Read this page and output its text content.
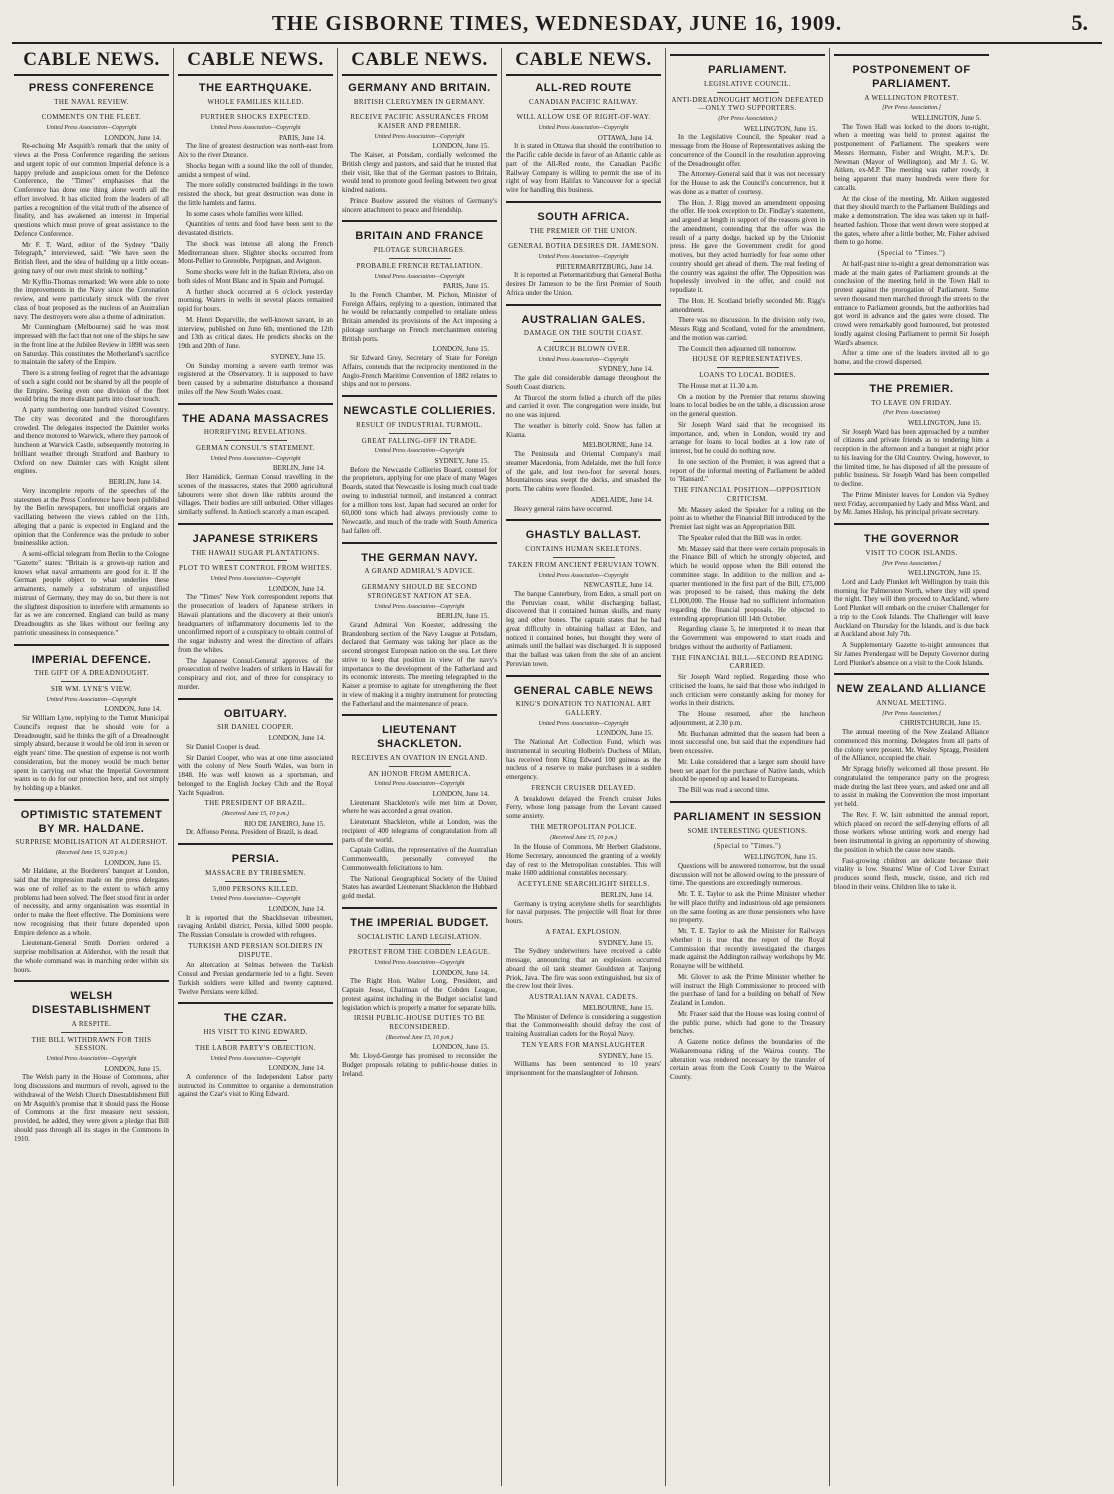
THE GISBORNE TIMES, WEDNESDAY, JUNE 16, 1909.	5.
CABLE NEWS.
PRESS CONFERENCE
THE NAVAL REVIEW.
COMMENTS ON THE FLEET.
United Press Association—Copyright
LONDON, June 14.

Re-echoing Mr Asquith's remark that the unity of views at the Press Conference regarding the serious and urgent topic of our common Imperial defence is a happy prelude and auspicious omen for the Defence Conference, the "Times" emphasises that the Conference has done one thing alone worth all the effort involved. It has elicited from the leaders of all parties a recognition of the vital truth of the absence of finality, and has awakened an interest in Imperial questions which must prove of great assistance to the Defence Conference.

Mr F. T. Ward, editor of the Sydney "Daily Telegraph," interviewed, said: "We have seen the British fleet, and the idea of building up a little ocean-going navy of our own must shrink to nothing."

Mr Kyffin-Thomas remarked: We were able to note the improvements in the Navy since the Coronation review, and were particularly struck with the river class of boat proposed as the nucleus of an Australian navy. The destroyers were also a theme of admiration.

Mr Cunningham (Melbourne) said he was most impressed with the fact that not one of the ships he saw in the front line at the Jubilee Review in 1898 was seen on Saturday. This constitutes the Motherland's sacrifice to maintain the safety of the Empire.

There is a strong feeling of regret that the advantage of such a sight could not be shared by all the people of the Empire. Seeing even one division of the fleet would bring the more distant parts into closer touch.

A party numbering one hundred visited Coventry. The city was decorated and the thoroughfares crowded. The delegates inspected the Daimler works and thence motored to Warwick, where they partook of luncheon at Warwick Castle, subsequently motoring in brilliant weather through Stratford and Banbury to Oxford on new Daimler cars with Knight silent engines.

BERLIN, June 14.

Very incomplete reports of the speeches of the statesmen at the Press Conference have been published by the Berlin newspapers, but unofficial organs are vacillating between the views cabled on the 11th, alleging that a panic is expected in England and the opinion that the Conference was the prelude to sober businesslike action.

A semi-official telegram from Berlin to the Cologne "Gazette" states: "Britain is a grown-up nation and knows what naval armaments are good for it. If the German people object to what underlies these armaments, namely a substratum of unjustified mistrust of Germany, they may do so, but there is not the slightest disposition to interfere with armaments so far as we are concerned. England can build as many Dreadnoughts as she likes without our feeling any patriotic uneasiness in consequence."

IMPERIAL DEFENCE.
THE GIFT OF A DREADNOUGHT.
SIR WM. LYNE'S VIEW.
United Press Association—Copyright
LONDON, June 14.

Sir William Lyne, replying to the Tumut Municipal Council's request that he should vote for a Dreadnought, said he thinks the gift of a Dreadnought simply absurd, because it would be old iron in seven or eight years' time. The question of expense is not worth consideration, but the money would be much better spent in carrying out what the Imperial Government wants us to do for our protection here, and not simply by holding up a blanket.

OPTIMISTIC STATEMENT BY MR. HALDANE.
SURPRISE MOBILISATION AT ALDERSHOT.
(Received June 15, 9.20 p.m.)
LONDON, June 15.

Mr Haldane, at the Borderers' banquet at London, said that the impression made on the press delegates was one of relief as to the extent to which army problems had been solved. The fleet stood first in order of necessity, and army organisation was essential in order to make the fleet effective. The Dominions were now recognising that their future depended upon Empire defence as a whole.

Lieutenant-General Smith Dorrien ordered a surprise mobilisation at Aldershot, with the result that the whole command was in marching order within six hours.

WELSH DISESTABLISHMENT
A RESPITE.
THE BILL WITHDRAWN FOR THIS SESSION.
United Press Association—Copyright
LONDON, June 15.

The Welsh party in the House of Commons, after long discussions and murmurs of revolt, agreed to the withdrawal of the Welsh Church Disestablishment Bill on Mr Asquith's promise that it should pass the House of Commons at the first measure next session, provided, he added, they were given a pledge that Bill should pass through all its stages in the Commons in 1910.

CABLE NEWS.
THE EARTHQUAKE.
WHOLE FAMILIES KILLED.
FURTHER SHOCKS EXPECTED.
United Press Association—Copyright
PARIS, June 14.

The line of greatest destruction was north-east from Aix to the river Durance.

Shocks began with a sound like the roll of thunder, amidst a tempest of wind.

The more solidly constructed buildings in the town resisted the shock, but great destruction was done in the little hamlets and farms.

In some cases whole families were killed.

Quantities of tents and food have been sent to the devastated districts.

The shock was intense all along the French Mediterranean shore. Slighter shocks occurred from Mont-Pellier to Grenoble, Perpignan, and Avignon.

Some shocks were felt in the Italian Riviera, also on both sides of Mont Blanc and in Spain and Portugal.

A further shock occurred at 6 o'clock yesterday morning. Waters in wells in several places remained tepid for hours.

M. Henri Deparville, the well-known savant, in an interview, published on June 6th, mentioned the 12th and 13th as critical dates. He predicts shocks on the 19th and 20th of June.

SYDNEY, June 15.

On Sunday morning a severe earth tremor was registered at the Observatory. It is supposed to have been caused by a submarine disturbance a thousand miles off the New South Wales coast.

THE ADANA MASSACRES
HORRIFYING REVELATIONS.
GERMAN CONSUL'S STATEMENT.
United Press Association—Copyright
BERLIN, June 14.

Herr Hamidick, German Consul travelling in the scenes of the massacres, states that 2000 agricultural labourers were shot down like rabbits around the villages. Their bodies are still unburied. Other villages similarly suffered. In Antioch scarcely a man escaped.

JAPANESE STRIKERS
THE HAWAII SUGAR PLANTATIONS.
PLOT TO WREST CONTROL FROM WHITES.
United Press Association—Copyright
LONDON, June 14.

The "Times" New York correspondent reports that the prosecution of leaders of Japanese strikers in Hawaii plantations and the discovery at their union's headquarters of inflammatory documents led to the unconfirmed report of a conspiracy to obtain control of the sugar industry and wrest the direction of affairs from the whites.

The Japanese Consul-General approves of the prosecution of twelve leaders of strikers in Hawaii for conspiracy and riot, and of three for conspiracy to murder.

OBITUARY.
SIR DANIEL COOPER.
LONDON, June 14.

Sir Daniel Cooper is dead.

Sir Daniel Cooper, who was at one time associated with the colony of New South Wales, was born in 1848. He was well known as a sportsman, and belonged to the English Jockey Club and the Royal Yacht Squadron.

THE PRESIDENT OF BRAZIL.
(Received June 15, 10 p.m.)
RIO DE JANEIRO, June 15.

Dr. Affonso Penna, President of Brazil, is dead.

PERSIA.
MASSACRE BY TRIBESMEN.
5,000 PERSONS KILLED.
United Press Association—Copyright
LONDON, June 14.

It is reported that the Shackhsevan tribesmen, ravaging Ardabil district, Persia, killed 5000 people. The Russian Consulate is crowded with refugees.

TURKISH AND PERSIAN SOLDIERS IN DISPUTE.

An altercation at Selmas between the Turkish Consul and Persian gendarmerie led to a fight. Seven Turkish soldiers were killed and twenty captured. Twelve Persians were killed.

THE CZAR.
HIS VISIT TO KING EDWARD.
THE LABOR PARTY'S OBJECTION.
United Press Association—Copyright
LONDON, June 14.

A conference of the Independent Labor party instructed its Committee to organise a demonstration against the Czar's visit to King Edward.

CABLE NEWS.
GERMANY AND BRITAIN.
BRITISH CLERGYMEN IN GERMANY.
RECEIVE PACIFIC ASSURANCES FROM KAISER AND PREMIER.
United Press Association—Copyright
LONDON, June 15.

The Kaiser, at Potsdam, cordially welcomed the British clergy and pastors, and said that he trusted that their visit, like that of the German pastors to Britain, would tend to promote good feeling between two great kindred nations.

Prince Buelow assured the visitors of Germany's sincere attachment to peace and friendship.

BRITAIN AND FRANCE
PILOTAGE SURCHARGES.
PROBABLE FRENCH RETALIATION.
United Press Association—Copyright
PARIS, June 15.

In the French Chamber, M. Pichon, Minister of Foreign Affairs, replying to a question, intimated that he would be reluctantly compelled to retaliate unless Britain amended its provisions of the Act imposing a pilotage surcharge on French merchantmen entering British ports.

LONDON, June 15.

Sir Edward Grey, Secretary of State for Foreign Affairs, contends that the reciprocity mentioned in the Anglo-French Maritime Convention of 1882 relates to ships and not to persons.

NEWCASTLE COLLIERIES.
RESULT OF INDUSTRIAL TURMOIL.
GREAT FALLING-OFF IN TRADE.
United Press Association—Copyright
SYDNEY, June 15.

Before the Newcastle Collieries Board, counsel for the proprietors, applying for one place of many Wages Boards, stated that Newcastle is losing much coal trade owing to industrial turmoil, and instanced a contract for a million tons lost. Japan had secured an order for 60,000 tons which had always previously come to Newcastle, and much of the trade with South America had fallen off.

THE GERMAN NAVY.
A GRAND ADMIRAL'S ADVICE.
GERMANY SHOULD BE SECOND STRONGEST NATION AT SEA.
United Press Association—Copyright
BERLIN, June 15.

Grand Admiral Von Koester, addressing the Brandenburg section of the Navy League at Potsdam, declared that Germany was taking her place as the second strongest European nation on the sea. Let there strive to keep that position in view of the navy's importance to the development of the Fatherland and its economic interests. The meeting telegraphed to the Kaiser a promise to agitate for strengthening the fleet in view of making it a mighty instrument for protecting the Fatherland and the maintenance of peace.

LIEUTENANT SHACKLETON.
RECEIVES AN OVATION IN ENGLAND.
AN HONOR FROM AMERICA.
United Press Association—Copyright
LONDON, June 14.

Lieutenant Shackleton's wife met him at Dover, where he was accorded a great ovation.

Lieutenant Shackleton, while at London, was the recipient of 400 telegrams of congratulation from all parts of the world.

Captain Collins, the representative of the Australian Commonwealth, personally conveyed the Commonwealth felicitations to him.

The National Geographical Society of the United States has awarded Lieutenant Shackleton the Hubbard gold medal.

THE IMPERIAL BUDGET.
SOCIALISTIC LAND LEGISLATION.
PROTEST FROM THE COBDEN LEAGUE.
United Press Association—Copyright
LONDON, June 14.

The Right Hon. Walter Long, President, and Captain Jesse, Chairman of the Cobden League, protest against including in the Budget socialist land legislation which is properly a matter for separate bills.

IRISH PUBLIC-HOUSE DUTIES TO BE RECONSIDERED.
(Received June 15, 10 p.m.)
LONDON, June 15.

Mr. Lloyd-George has promised to reconsider the Budget proposals relating to public-house duties in Ireland.

CABLE NEWS.
ALL-RED ROUTE
CANADIAN PACIFIC RAILWAY.
WILL ALLOW USE OF RIGHT-OF-WAY.
United Press Association—Copyright
OTTAWA, June 14.

It is stated in Ottawa that should the contribution to the Pacific cable decide in favor of an Atlantic cable as part of the All-Red route, the Canadian Pacific Railway Company is willing to permit the use of its right of way from Halifax to Vancouver for a special wire for handling this business.

SOUTH AFRICA.
THE PREMIER OF THE UNION.
GENERAL BOTHA DESIRES DR. JAMESON.
United Press Association—Copyright
PIETERMARITZBURG, June 14.

It is reported at Pietermaritzburg that General Botha desires Dr Jameson to be the first Premier of South Africa under the Union.

AUSTRALIAN GALES.
DAMAGE ON THE SOUTH COAST.
A CHURCH BLOWN OVER.
United Press Association—Copyright
SYDNEY, June 14.

The gale did considerable damage throughout the South Coast districts.

At Thurcol the storm felled a church off the piles and carried it over. The congregation were inside, but no one was injured.

The weather is bitterly cold. Snow has fallen at Kiama.

MELBOURNE, June 14.

The Peninsula and Oriental Company's mail steamer Macedonia, from Adelaide, met the full force of the gale, and lost two-foot for several hours. Mountainous seas swept the decks, and smashed the ports. The cabins were flooded.

ADELAIDE, June 14.

Heavy general rains have occurred.

GHASTLY BALLAST.
CONTAINS HUMAN SKELETONS.
TAKEN FROM ANCIENT PERUVIAN TOWN.
United Press Association—Copyright
NEWCASTLE, June 14.

The barque Canterbury, from Eden, a small port on the Peruvian coast, whilst discharging ballast, discovered that it contained human skulls, and many leg and other bones. The captain states that he had great difficulty in obtaining ballast at Eden, and noticed it contained bones, but thought they were of animals until the ballast was discharged. It is supposed that the ballast was taken from the site of an ancient Peruvian town.

GENERAL CABLE NEWS
KING'S DONATION TO NATIONAL ART GALLERY.
United Press Association—Copyright
LONDON, June 15.

The National Art Collection Fund, which was instrumental in securing Holbein's Duchess of Milan, has received from King Edward 100 guineas as the nucleus of a reserve to make purchases in a sudden emergency.

FRENCH CRUISER DELAYED.

A breakdown delayed the French cruiser Jules Ferry, whose long passage from the Levant caused some anxiety.

THE METROPOLITAN POLICE.
(Received June 15, 10 p.m.)

In the House of Commons, Mr Herbert Gladstone, Home Secretary, announced the granting of a weekly day of rest to the Metropolitan constables. This will make 1600 additional constables necessary.

ACETYLENE SEARCHLIGHT SHELLS.
BERLIN, June 14.

Germany is trying acetylene shells for searchlights for naval purposes. The projectile will float for three hours.

A FATAL EXPLOSION.
SYDNEY, June 15.

The Sydney underwriters have received a cable message, announcing that an explosion occurred aboard the oil tank steamer Gouldsten at Tanjong Priok, Java. The fire was soon extinguished, but six of the crew lost their lives.

AUSTRALIAN NAVAL CADETS.
MELBOURNE, June 15.

The Minister of Defence is considering a suggestion that the Commonwealth should defray the cost of training Australian cadets for the Royal Navy.

TEN YEARS FOR MANSLAUGHTER
SYDNEY, June 15.

Williams has been sentenced to 10 years' imprisonment for the manslaughter of Johnson.

PARLIAMENT.
LEGISLATIVE COUNCIL.
ANTI-DREADNOUGHT MOTION DEFEATED—ONLY TWO SUPPORTERS.
(Per Press Association.)
WELLINGTON, June 15.

In the Legislative Council, the Speaker read a message from the House of Representatives asking the concurrence of the Council in the resolution approving of the Dreadnought offer.

The Attorney-General said that it was not necessary for the House to ask the Council's concurrence, but it was done as a matter of courtesy.

The Hon. J. Rigg moved an amendment opposing the offer. He took exception to Dr. Findlay's statement, and argued at length in support of the reasons given in the amendment, contending that the offer was the result of a party dodge, backed up by the Unionist press. He gave the Government credit for good motives, but they acted hurriedly for fear some other country should get ahead of them. The real feeling of the country was against the offer. The Opposition was hopelessly involved in the offer, and could not repudiate it.

The Hon. H. Scotland briefly seconded Mr. Rigg's amendment.

There was no discussion. In the division only two, Messrs Rigg and Scotland, voted for the amendment, and the motion was carried.

The Council then adjourned till tomorrow.

HOUSE OF REPRESENTATIVES.
LOANS TO LOCAL BODIES.

The House met at 11.30 a.m.

On a motion by the Premier that returns showing loans to local bodies be on the table, a discussion arose on the general question.

Sir Joseph Ward said that he recognised its importance, and, when in London, would try and arrange for loans to local bodies at a low rate of interest, but he could do nothing now.

In one section of the Premier, it was agreed that a report of the informal meeting of Parliament be added to "Hansard."

THE FINANCIAL POSITION—OPPOSITION CRITICISM.

Mr. Massey asked the Speaker for a ruling on the point as to whether the Financial Bill introduced by the Premier last night was an Appropriation Bill.

The Speaker ruled that the Bill was in order.

Mr. Massey said that there were certain proposals in the Finance Bill of which he strongly objected, and which he would oppose when the Bill entered the committee stage. In addition to the million and a-quarter mentioned in the first part of the Bill, £75,000 was proposed to be raised, thus making the debt £1,000,000. The House had no sufficient information regarding the financial proposals. He objected to extending appropriation till 14th October.

Regarding clause 5, he interpreted it to mean that the Government was empowered to start roads and bridges without the authority of Parliament.

THE FINANCIAL BILL—SECOND READING CARRIED.

Sir Joseph Ward replied. Regarding those who criticised the loans, he said that those who indulged in such criticism were constantly asking for money for works in their districts.

The House resumed, after the luncheon adjournment, at 2.30 p.m.

Mr. Buchanan admitted that the season had been a most successful one, but said that the expenditure had been excessive.

Mr. Luke considered that a larger sum should have been set apart for the purchase of Native lands, which should be opened up and leased to Europeans.

The Bill was read a second time.

PARLIAMENT IN SESSION
SOME INTERESTING QUESTIONS.
(Special to "Times.")
WELLINGTON, June 15.

Questions will be answered tomorrow, but the usual discussion will not be allowed owing to the pressure of time. The questions are exceedingly numerous.

Mr. T. E. Taylor to ask the Prime Minister whether he will place thrifty and industrious old age pensioners on the same footing as are those pensioners who have no property.

Mr. T. E. Taylor to ask the Minister for Railways whether it is true that the report of the Royal Commission that recently investigated the charges made against the Addington railway workshops by Mr. Ronayne will be withheld.

Mr. Glover to ask the Prime Minister whether he will instruct the High Commissioner to proceed with the purchase of land for a building on behalf of New Zealand in London.

Mr. Fraser said that the House was losing control of the public purse, which had gone to the Treasury benches.

A Gazette notice defines the boundaries of the Waikaremoana riding of the Wairoa county. The alteration was rendered necessary by the transfer of certain areas from the Cook County to the Wairoa County.

POSTPONEMENT OF PARLIAMENT.
A WELLINGTON PROTEST.
[Per Press Association.]
WELLINGTON, June 5.

The Town Hall was locked to the doors to-night, when a meeting was held to protest against the postponement of Parliament. The speakers were Messrs Hermann, Fisher and Wright, M.P.'s, Dr. Newman (Mayor of Wellington), and Mr J. G. W. Aitken, ex-M.P. The meeting was rather rowdy, it being apparent that many hundreds were there for catcalls.

At the close of the meeting, Mr. Aitken suggested that they should march to the Parliament Buildings and make a demonstration. The idea was taken up in half-hearted fashion. Those that went down were stopped at the gates, where after a little bother, Mr. Fisher advised them to go home.

(Special to "Times.")

At half-past nine to-night a great demonstration was made at the main gates of Parliament grounds at the conclusion of the meeting held in the Town Hall to protest against the prorogation of Parliament. Some seven thousand men marched through the streets to the entrance to Parliament grounds, but the authorities had got word in advance and the gates were closed. The crowd were remarkably good humoured, but protested loudly against closing Parliament to permit Sir Joseph Ward's absence.

After a time one of the leaders invited all to go home, and the crowd dispersed.

THE PREMIER.
TO LEAVE ON FRIDAY.
(Per Press Association)
WELLINGTON, June 15.

Sir Joseph Ward has been approached by a number of citizens and private friends as to tendering him a reception in the afternoon and a banquet at night prior to his leaving for the Old Country. Owing, however, to the limited time, he has disposed of all the pressure of public business. Sir Joseph Ward has been compelled to decline.

The Prime Minister leaves for London via Sydney next Friday, accompanied by Lady and Miss Ward, and by Mr. James Hislop, his principal private secretary.

THE GOVERNOR
VISIT TO COOK ISLANDS.
[Per Press Association.]
WELLINGTON, June 15.

Lord and Lady Plunket left Wellington by train this morning for Palmerston North, where they will spend the night. They will then proceed to Auckland, where Lord Plunket will embark on the cruiser Challenger for a trip to the Cook Islands. The Challenger will leave Auckland on Thursday for the Islands, and is due back at Auckland about July 7th.

A Supplementary Gazette to-night announces that Sir James Prendergast will be Deputy Governor during Lord Plunket's absence on a visit to the Cook Islands.

NEW ZEALAND ALLIANCE
ANNUAL MEETING.
[Per Press Association.]
CHRISTCHURCH, June 15.

The annual meeting of the New Zealand Alliance commenced this morning. Delegates from all parts of the colony were present. Mr. Wesley Spragg, President of the Alliance, occupied the chair.

Mr Spragg briefly welcomed all those present. He congratulated the temperance party on the progress made during the last three years, and asked one and all to assist in making the Convention the most important yet held.

The Rev. F. W. Isitt submitted the annual report, which placed on record the self-denying efforts of all those workers whose untiring work and energy had been instrumental in giving an opportunity of showing the position in which the cause now stands.

Fast-growing children are delicate because their vitality is low. Stearns' Wine of Cod Liver Extract produces sound flesh, muscle, tissue, and rich red blood in their veins. Children like to take it.
